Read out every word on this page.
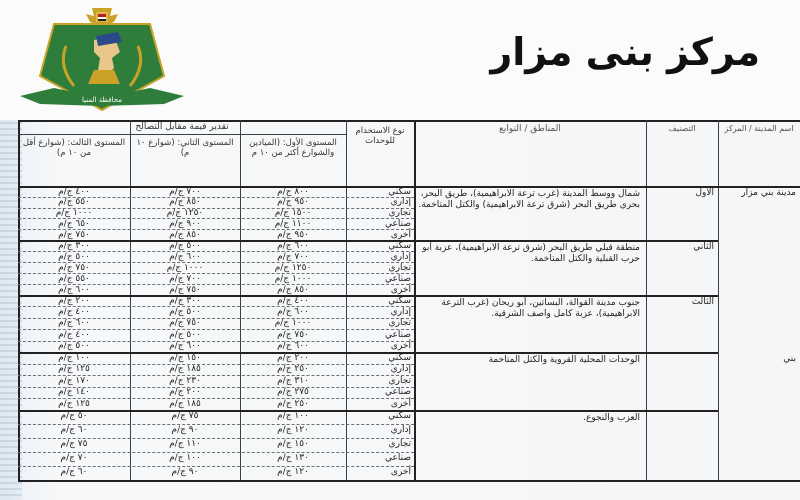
محافظة المنيا
مركز بنى مزار
اسم المدينة / المركز
التصنيف
المناطق / التوابع
نوع الاستخدام للوحدات
تقدير قيمة مقابل التصالح
المستوى الأول: (الميادين والشوارع أكثر من ١٠ م
المستوى الثاني: (شوارع ١٠ م)
المستوى الثالث: (شوارع أقل من ١٠ م)
مدينة بني مزار
بني
الاول
شمال ووسط المدينة (غرب ترعة الابراهيمية)، طريق البحر، بحري طريق البحر (شرق ترعة الابراهيمية) والكتل المتاخمة.
سكني
٨٠٠ ج/م
٧٠٠ ج/م
٤٠٠ ج/م
إداري
٩٥٠ ج/م
٨٥٠ ج/م
٥٥٠ ج/م
تجاري
١٥٠٠ ج/م
١٢٥٠ ج/م
١٠٠٠ ج/م
صناعي
١١٠٠ ج/م
٩٠٠ ج/م
٦٥٠ ج/م
أخرى
٩٥٠ ج/م
٨٥٠ ج/م
٧٥٠ ج/م
الثاني
منطقة قبلي طريق البحر (شرق ترعة الابراهيمية)، عزبة أبو حرب القبلية والكتل المتاخمة.
سكني
٦٠٠ ج/م
٥٠٠ ج/م
٣٠٠ ج/م
إداري
٧٠٠ ج/م
٦٠٠ ج/م
٥٠٠ ج/م
تجاري
١٢٥٠ ج/م
١٠٠٠ ج/م
٧٥٠ ج/م
صناعي
١٠٠٠ ج/م
٧٠٠ ج/م
٥٥٠ ج/م
أخرى
٨٥٠ ج/م
٧٥٠ ج/م
٦٠٠ ج/م
الثالث
جنوب مدينة القوالة، البساتين، أبو ريحان (غرب الترعة الابراهيمية)، عزبة كامل واصف الشرقية.
سكني
٤٠٠ ج/م
٣٠٠ ج/م
٢٠٠ ج/م
إداري
٦٠٠ ج/م
٥٠٠ ج/م
٤٠٠ ج/م
تجاري
١٠٠٠ ج/م
٧٥٠ ج/م
٦٠٠ ج/م
صناعي
٧٥٠ ج/م
٥٠٠ ج/م
٤٠٠ ج/م
أخرى
٦٠٠ ج/م
٦٠٠ ج/م
٥٠٠ ج/م
الوحدات المحلية القروية والكتل المتاخمة
سكني
٢٠٠ ج/م
١٥٠ ج/م
١٠٠ ج/م
إداري
٢٥٠ ج/م
١٨٥ ج/م
١٢٥ ج/م
تجاري
٣١٠ ج/م
٢٣٠ ج/م
١٧٠ ج/م
صناعي
٢٧٥ ج/م
٢٠٠ ج/م
١٤٠ ج/م
أخرى
٢٥٠ ج/م
١٨٥ ج/م
١٢٥ ج/م
العزب والنجوع.
سكني
١٠٠ ج/م
٧٥ ج/م
٥٠ ج/م
إداري
١٢٠ ج/م
٩٠ ج/م
٦٠ ج/م
تجاري
١٥٠ ج/م
١١٠ ج/م
٧٥ ج/م
صناعي
١٣٠ ج/م
١٠٠ ج/م
٧٠ ج/م
أخرى
١٢٠ ج/م
٩٠ ج/م
٦٠ ج/م
